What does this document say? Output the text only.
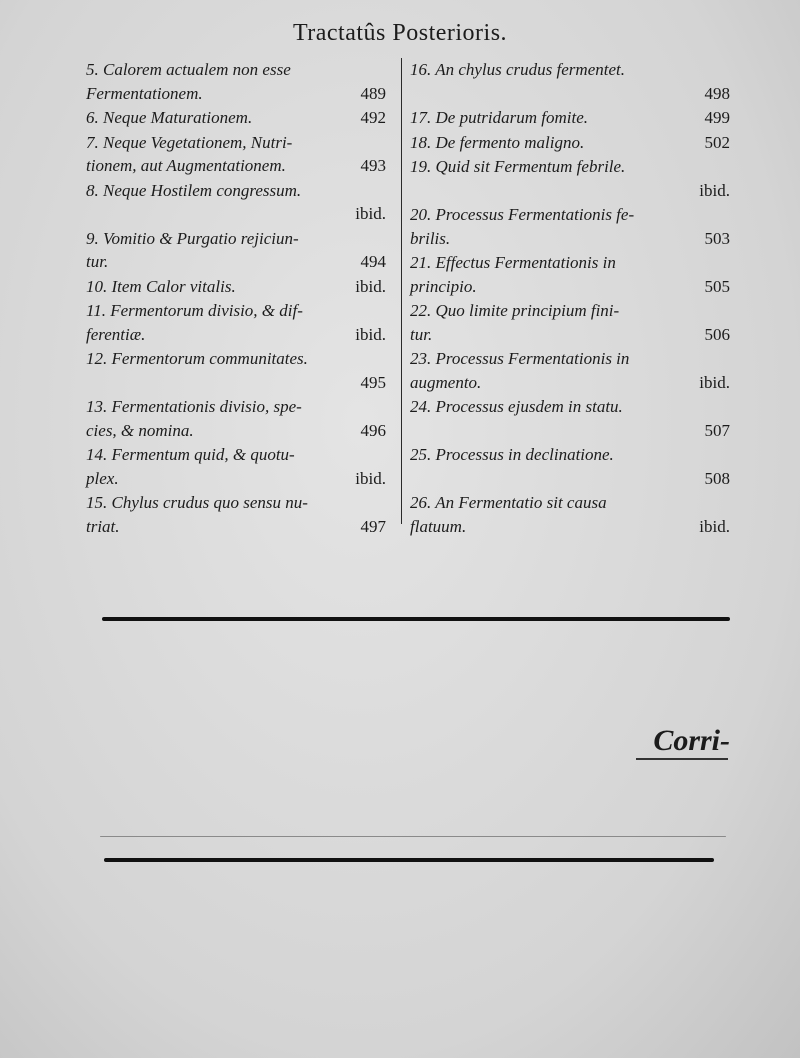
Tractatûs Posterioris.
5. Calorem actualem non esse
Fermentationem.	489
6. Neque Maturationem.	492
7. Neque Vegetationem, Nutri-
tionem, aut Augmentationem.	493
8. Neque Hostilem congressum.
ibid.
9. Vomitio & Purgatio rejiciun-
tur.	494
10. Item Calor vitalis.	ibid.
11. Fermentorum divisio, & dif-
ferentiæ.	ibid.
12. Fermentorum communitates.
495
13. Fermentationis divisio, spe-
cies, & nomina.	496
14. Fermentum quid, & quotu-
plex.	ibid.
15. Chylus crudus quo sensu nu-
triat.	497
16. An chylus crudus fermentet.
498
17. De putridarum fomite.	499
18. De fermento maligno.	502
19. Quid sit Fermentum febrile.
ibid.
20. Processus Fermentationis fe-
brilis.	503
21. Effectus Fermentationis in
principio.	505
22. Quo limite principium fini-
tur.	506
23. Processus Fermentationis in
augmento.	ibid.
24. Processus ejusdem in statu.
507
25. Processus in declinatione.
508
26. An Fermentatio sit causa
flatuum.	ibid.
Corri-
